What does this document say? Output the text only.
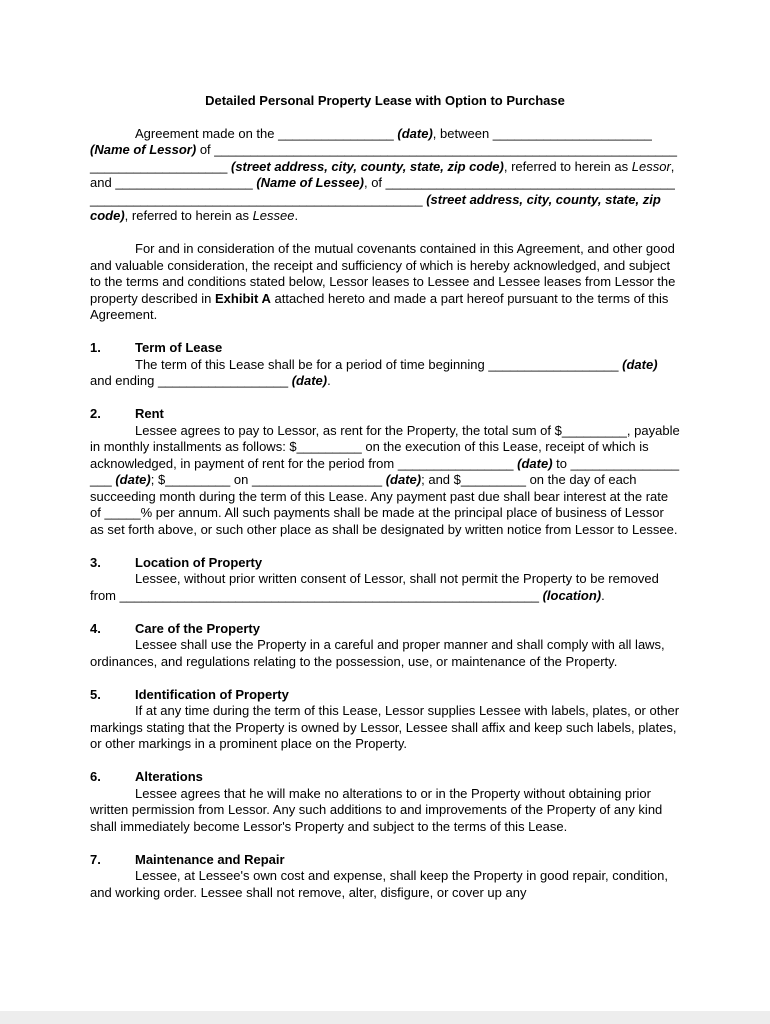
Detailed Personal Property Lease with Option to Purchase

Agreement made on the ________________ (date), between ______________________ (Name of Lessor) of ___________________________________________________________________________________ (street address, city, county, state, zip code), referred to herein as Lessor, and ___________________ (Name of Lessee), of ______________________________________________________________________________________ (street address, city, county, state, zip code), referred to herein as Lessee.

For and in consideration of the mutual covenants contained in this Agreement, and other good and valuable consideration, the receipt and sufficiency of which is hereby acknowledged, and subject to the terms and conditions stated below, Lessor leases to Lessee and Lessee leases from Lessor the property described in Exhibit A attached hereto and made a part hereof pursuant to the terms of this Agreement.

1.	Term of Lease

The term of this Lease shall be for a period of time beginning __________________ (date) and ending __________________ (date).

2.	Rent

Lessee agrees to pay to Lessor, as rent for the Property, the total sum of $_________, payable in monthly installments as follows: $_________ on the execution of this Lease, receipt of which is acknowledged, in payment of rent for the period from ________________ (date) to __________________ (date); $_________ on __________________ (date); and $_________ on the day of each succeeding month during the term of this Lease. Any payment past due shall bear interest at the rate of _____% per annum. All such payments shall be made at the principal place of business of Lessor as set forth above, or such other place as shall be designated by written notice from Lessor to Lessee.

3.	Location of Property

Lessee, without prior written consent of Lessor, shall not permit the Property to be removed from __________________________________________________________ (location).

4.	Care of the Property

Lessee shall use the Property in a careful and proper manner and shall comply with all laws, ordinances, and regulations relating to the possession, use, or maintenance of the Property.

5.	Identification of Property

If at any time during the term of this Lease, Lessor supplies Lessee with labels, plates, or other markings stating that the Property is owned by Lessor, Lessee shall affix and keep such labels, plates, or other markings in a prominent place on the Property.

6.	Alterations

Lessee agrees that he will make no alterations to or in the Property without obtaining prior written permission from Lessor. Any such additions to and improvements of the Property of any kind shall immediately become Lessor's Property and subject to the terms of this Lease.

7.	Maintenance and Repair

Lessee, at Lessee's own cost and expense, shall keep the Property in good repair, condition, and working order. Lessee shall not remove, alter, disfigure, or cover up any
